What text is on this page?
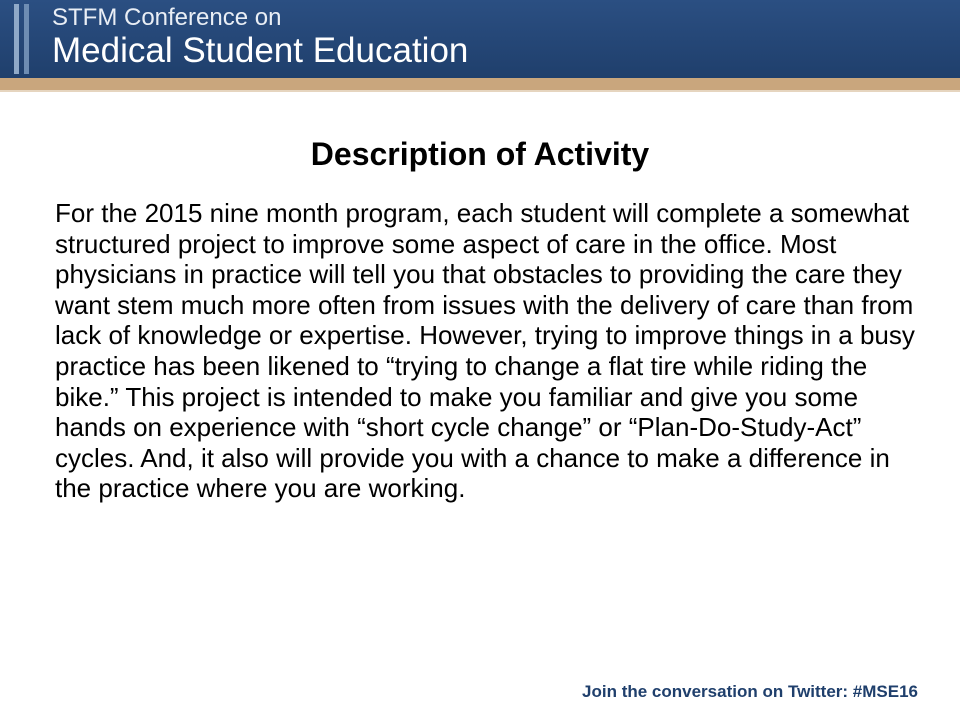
STFM Conference on
Medical Student Education
Description of Activity

For the 2015 nine month program, each student will complete a somewhat structured project to improve some aspect of care in the office. Most physicians in practice will tell you that obstacles to providing the care they want stem much more often from issues with the delivery of care than from lack of knowledge or expertise. However, trying to improve things in a busy practice has been likened to “trying to change a flat tire while riding the bike.” This project is intended to make you familiar and give you some hands on experience with “short cycle change” or “Plan-Do-Study-Act” cycles. And, it also will provide you with a chance to make a difference in the practice where you are working.

Join the conversation on Twitter: #MSE16
